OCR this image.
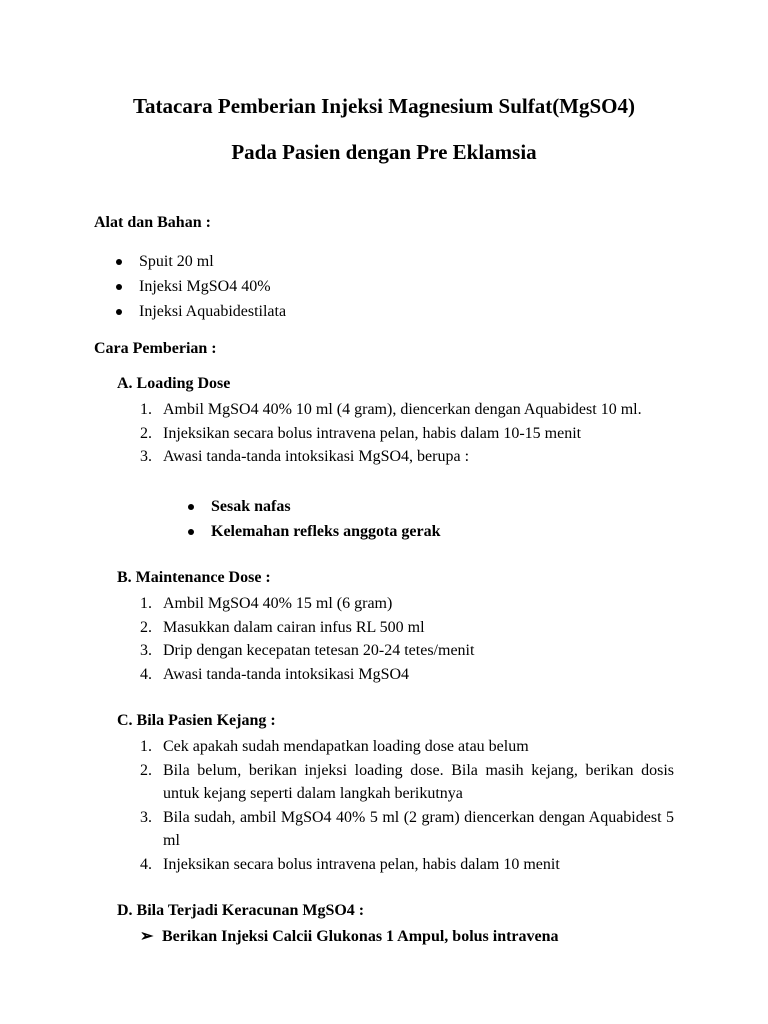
Tatacara Pemberian Injeksi Magnesium Sulfat(MgSO4)
Pada Pasien dengan Pre Eklamsia
Alat dan Bahan :
Spuit 20 ml
Injeksi MgSO4 40%
Injeksi Aquabidestilata
Cara Pemberian :
A. Loading Dose
1. Ambil MgSO4 40% 10 ml (4 gram), diencerkan dengan Aquabidest 10 ml.
2. Injeksikan secara bolus intravena pelan, habis dalam 10-15 menit
3. Awasi tanda-tanda intoksikasi MgSO4, berupa :
Sesak nafas
Kelemahan refleks anggota gerak
B. Maintenance Dose :
1. Ambil MgSO4 40% 15 ml (6 gram)
2. Masukkan dalam cairan infus RL 500 ml
3. Drip dengan kecepatan tetesan 20-24 tetes/menit
4. Awasi tanda-tanda intoksikasi MgSO4
C. Bila Pasien Kejang :
1. Cek apakah sudah mendapatkan loading dose atau belum
2. Bila belum, berikan injeksi loading dose. Bila masih kejang, berikan dosis untuk kejang seperti dalam langkah berikutnya
3. Bila sudah, ambil MgSO4 40% 5 ml (2 gram) diencerkan dengan Aquabidest 5 ml
4. Injeksikan secara bolus intravena pelan, habis dalam 10 menit
D. Bila Terjadi Keracunan MgSO4 :
➢ Berikan Injeksi Calcii Glukonas 1 Ampul, bolus intravena
